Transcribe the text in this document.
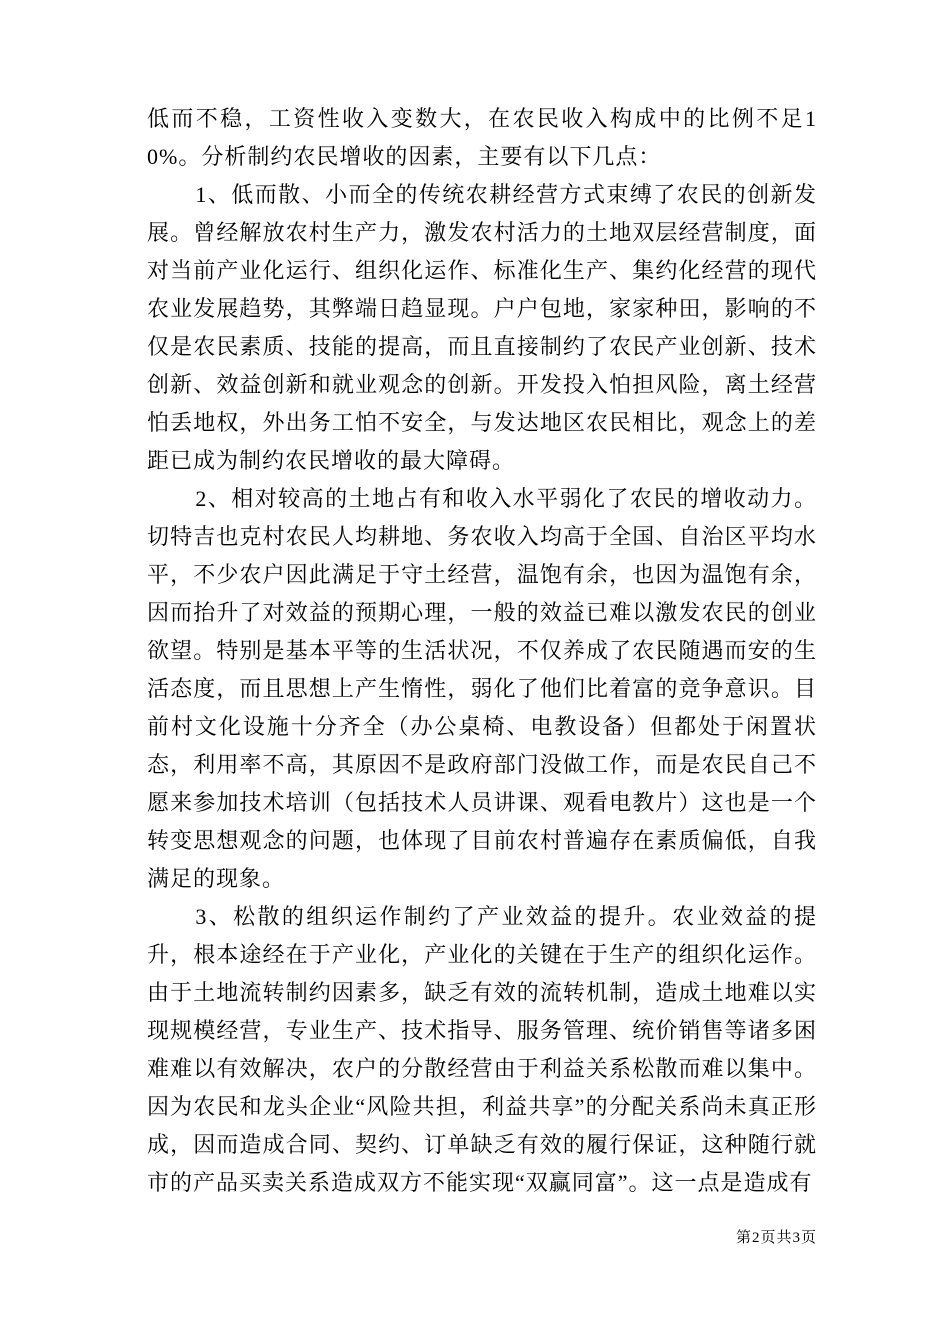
低而不稳，工资性收入变数大，在农民收入构成中的比例不足10%。分析制约农民增收的因素，主要有以下几点：

1、低而散、小而全的传统农耕经营方式束缚了农民的创新发展。曾经解放农村生产力，激发农村活力的土地双层经营制度，面对当前产业化运行、组织化运作、标准化生产、集约化经营的现代农业发展趋势，其弊端日趋显现。户户包地，家家种田，影响的不仅是农民素质、技能的提高，而且直接制约了农民产业创新、技术创新、效益创新和就业观念的创新。开发投入怕担风险，离土经营怕丢地权，外出务工怕不安全，与发达地区农民相比，观念上的差距已成为制约农民增收的最大障碍。

2、相对较高的土地占有和收入水平弱化了农民的增收动力。切特吉也克村农民人均耕地、务农收入均高于全国、自治区平均水平，不少农户因此满足于守土经营，温饱有余，也因为温饱有余，因而抬升了对效益的预期心理，一般的效益已难以激发农民的创业欲望。特别是基本平等的生活状况，不仅养成了农民随遇而安的生活态度，而且思想上产生惰性，弱化了他们比着富的竞争意识。目前村文化设施十分齐全（办公桌椅、电教设备）但都处于闲置状态，利用率不高，其原因不是政府部门没做工作，而是农民自己不愿来参加技术培训（包括技术人员讲课、观看电教片）这也是一个转变思想观念的问题，也体现了目前农村普遍存在素质偏低，自我满足的现象。

3、松散的组织运作制约了产业效益的提升。农业效益的提升，根本途经在于产业化，产业化的关键在于生产的组织化运作。由于土地流转制约因素多，缺乏有效的流转机制，造成土地难以实现规模经营，专业生产、技术指导、服务管理、统价销售等诸多困难难以有效解决，农户的分散经营由于利益关系松散而难以集中。因为农民和龙头企业“风险共担，利益共享”的分配关系尚未真正形成，因而造成合同、契约、订单缺乏有效的履行保证，这种随行就市的产品买卖关系造成双方不能实现“双赢同富”。这一点是造成有

第2页共3页
